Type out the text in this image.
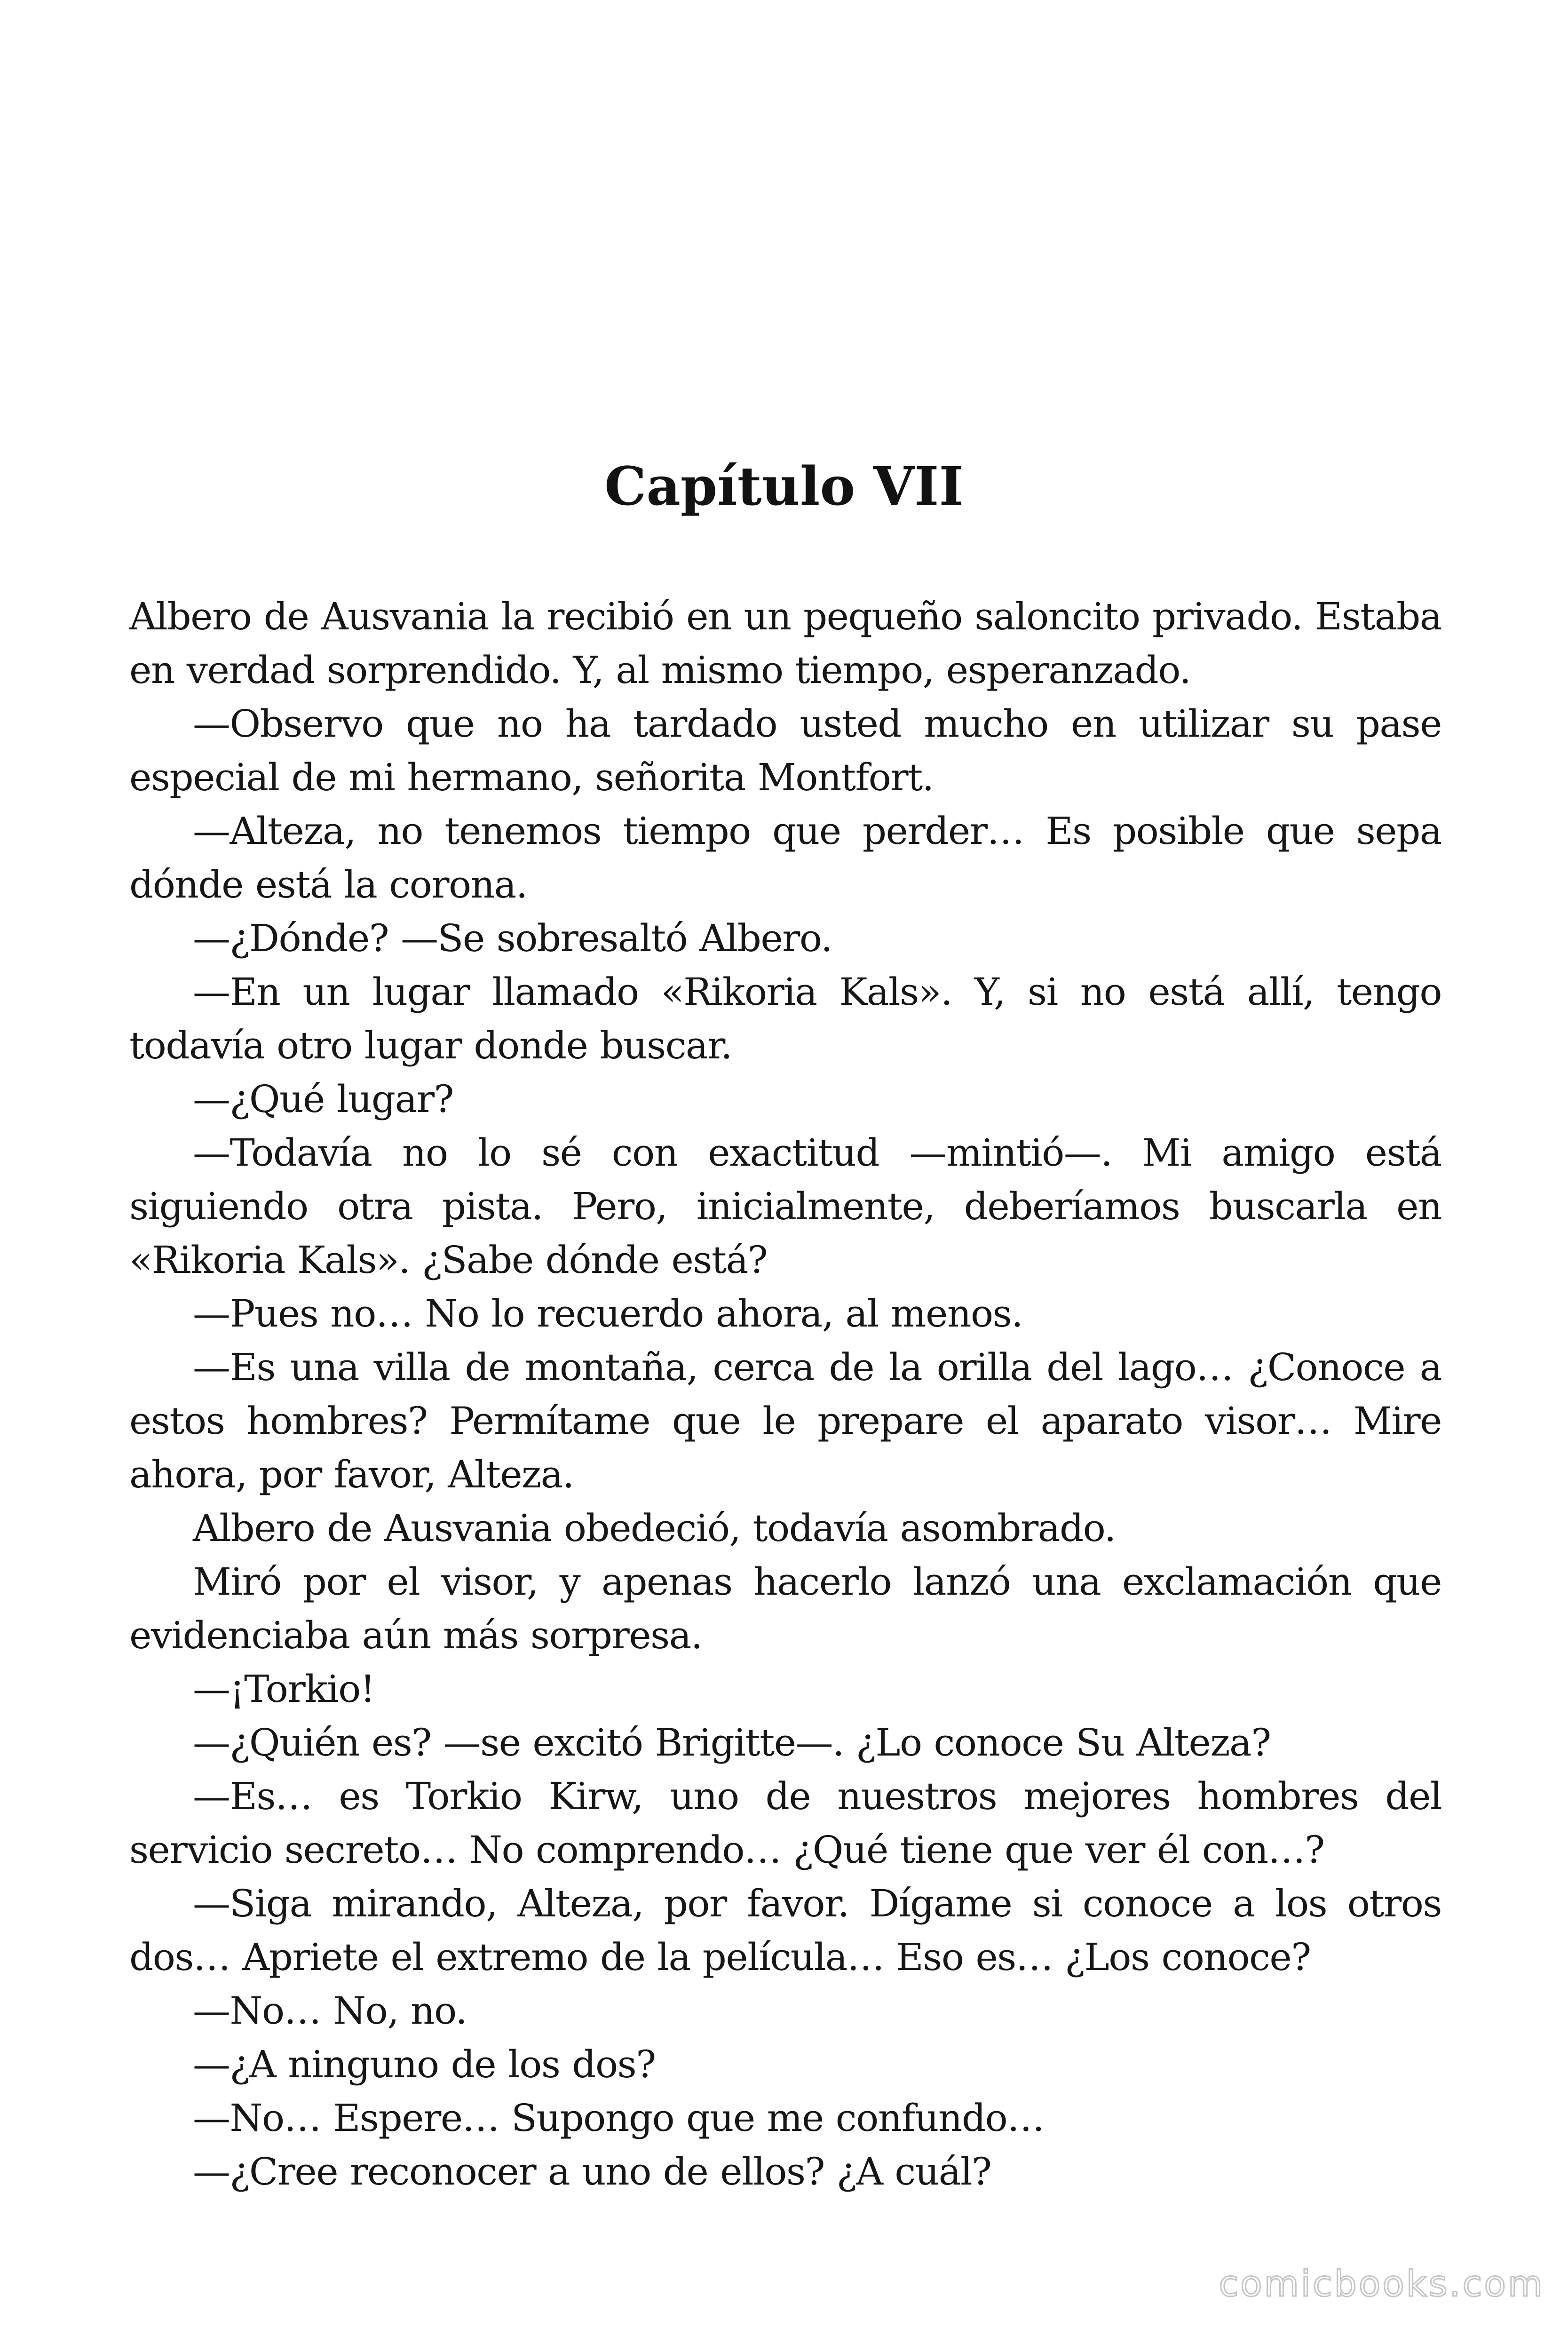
Capítulo VII

Albero de Ausvania la recibió en un pequeño saloncito privado. Estaba en verdad sorprendido. Y, al mismo tiempo, esperanzado.

—Observo que no ha tardado usted mucho en utilizar su pase especial de mi hermano, señorita Montfort.

—Alteza, no tenemos tiempo que perder… Es posible que sepa dónde está la corona.

—¿Dónde? —Se sobresaltó Albero.

—En un lugar llamado «Rikoria Kals». Y, si no está allí, tengo todavía otro lugar donde buscar.

—¿Qué lugar?

—Todavía no lo sé con exactitud —mintió—. Mi amigo está siguiendo otra pista. Pero, inicialmente, deberíamos buscarla en «Rikoria Kals». ¿Sabe dónde está?

—Pues no… No lo recuerdo ahora, al menos.

—Es una villa de montaña, cerca de la orilla del lago… ¿Conoce a estos hombres? Permítame que le prepare el aparato visor… Mire ahora, por favor, Alteza.

Albero de Ausvania obedeció, todavía asombrado.

Miró por el visor, y apenas hacerlo lanzó una exclamación que evidenciaba aún más sorpresa.

—¡Torkio!

—¿Quién es? —se excitó Brigitte—. ¿Lo conoce Su Alteza?

—Es… es Torkio Kirw, uno de nuestros mejores hombres del servicio secreto… No comprendo… ¿Qué tiene que ver él con…?

—Siga mirando, Alteza, por favor. Dígame si conoce a los otros dos… Apriete el extremo de la película… Eso es… ¿Los conoce?

—No… No, no.

—¿A ninguno de los dos?

—No… Espere… Supongo que me confundo…

—¿Cree reconocer a uno de ellos? ¿A cuál?

comicbooks.com
